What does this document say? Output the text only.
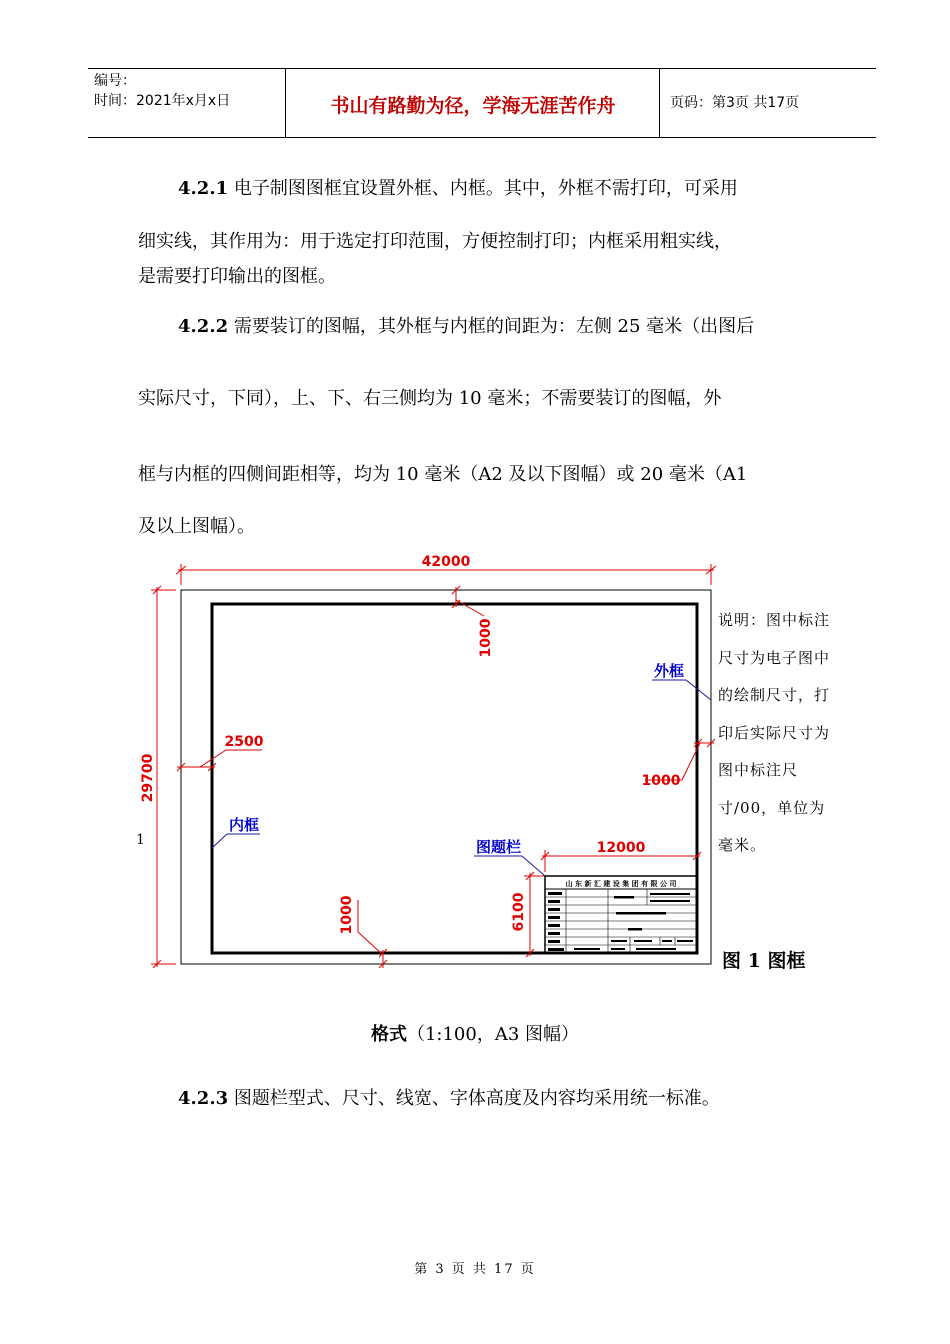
编号：
时间：2021年x月x日	书山有路勤为径，学海无涯苦作舟	页码：第3页 共17页
4.2.1 电子制图图框宜设置外框、内框。其中，外框不需打印，可采用
细实线，其作用为：用于选定打印范围，方便控制打印；内框采用粗实线，
是需要打印输出的图框。
4.2.2 需要装订的图幅，其外框与内框的间距为：左侧 25 毫米（出图后
实际尺寸，下同），上、下、右三侧均为 10 毫米；不需要装订的图幅，外
框与内框的四侧间距相等，均为 10 毫米（A2 及以下图幅）或 20 毫米（A1
及以上图幅）。
山 东 新 汇 建 设 集 团 有 限 公 司
42000
29700
1000
2500
1000
1000
12000
6100
外框
内框
图题栏
1
说明：图中标注尺寸为电子图中的绘制尺寸，打印后实际尺寸为图中标注尺寸/00，单位为毫米。
图 1 图框
格式（1:100，A3 图幅）
4.2.3 图题栏型式、尺寸、线宽、字体高度及内容均采用统一标准。
第 3 页 共 17 页
